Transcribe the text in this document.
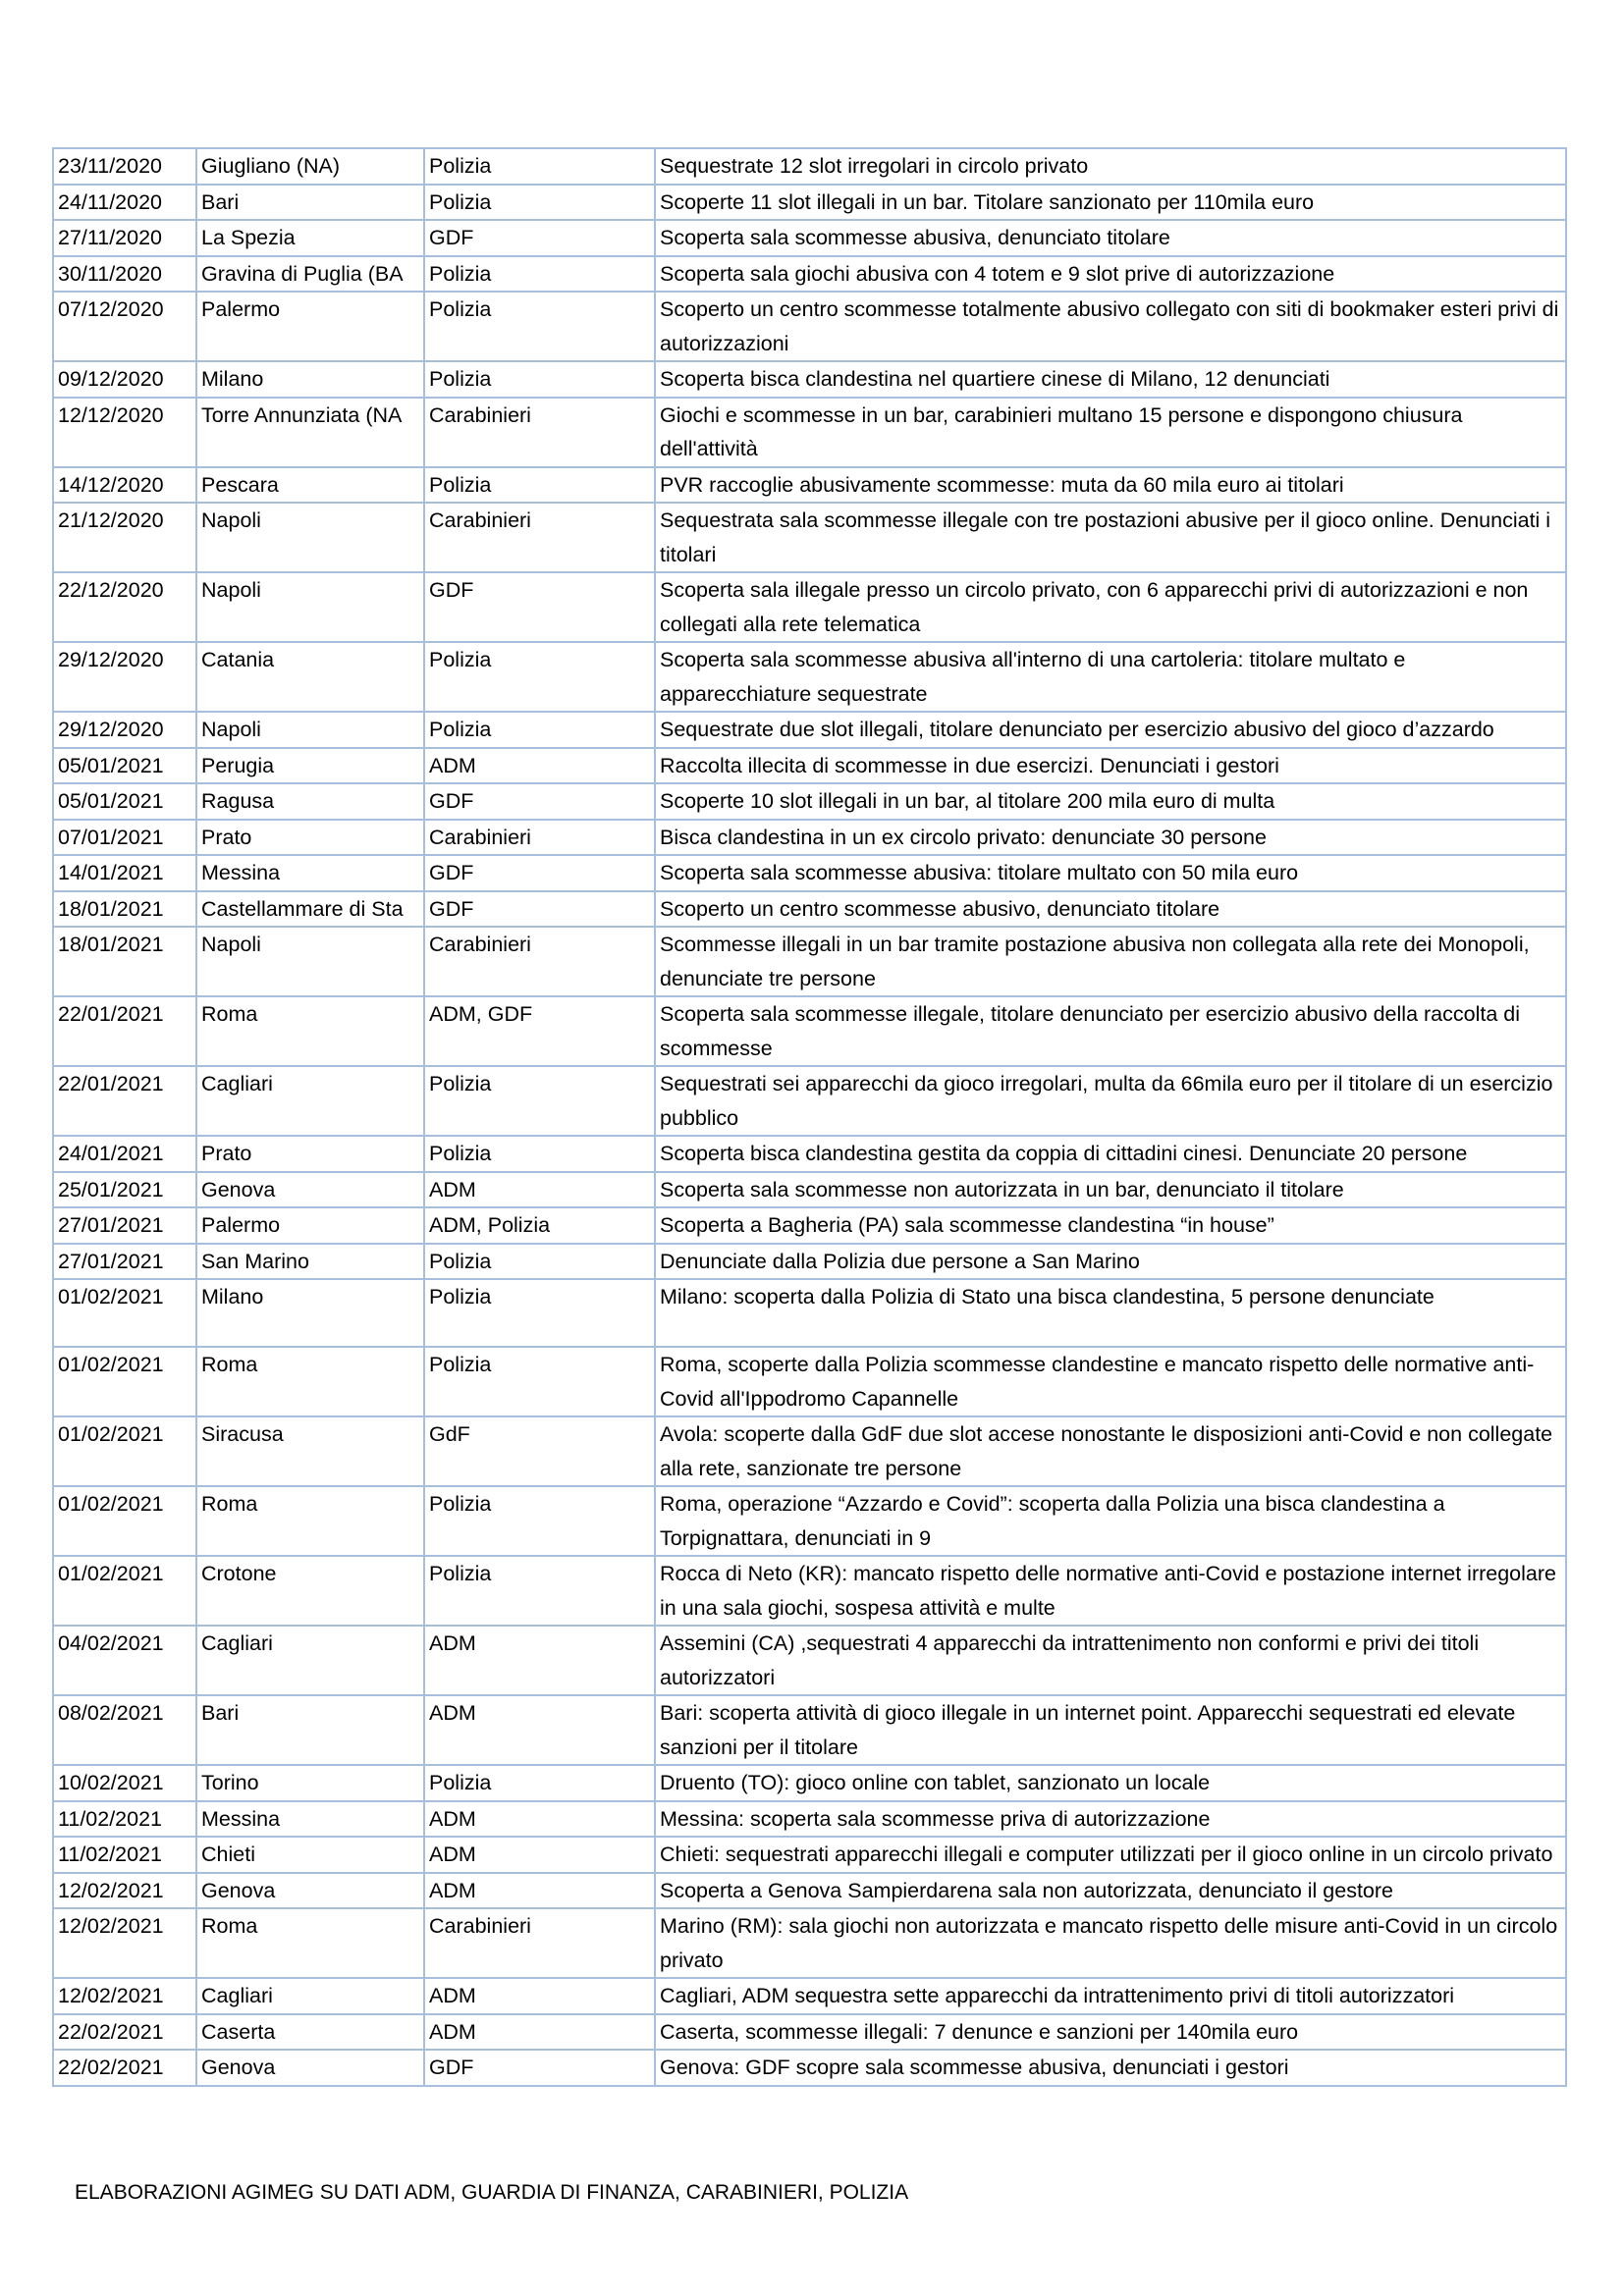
23/11/2020	Giugliano (NA)	Polizia	Sequestrate 12 slot irregolari in circolo privato
24/11/2020	Bari	Polizia	Scoperte 11 slot illegali in un bar. Titolare sanzionato per 110mila euro
27/11/2020	La Spezia	GDF	Scoperta sala scommesse abusiva, denunciato titolare
30/11/2020	Gravina di Puglia (BA	Polizia	Scoperta sala giochi abusiva con 4 totem e 9 slot prive di autorizzazione
07/12/2020	Palermo	Polizia	Scoperto un centro scommesse totalmente abusivo collegato con siti di bookmaker esteri privi di autorizzazioni
09/12/2020	Milano	Polizia	Scoperta bisca clandestina nel quartiere cinese di Milano, 12 denunciati
12/12/2020	Torre Annunziata (NA	Carabinieri	Giochi e scommesse in un bar, carabinieri multano 15 persone e dispongono chiusura dell'attività
14/12/2020	Pescara	Polizia	PVR raccoglie abusivamente scommesse: muta da 60 mila euro ai titolari
21/12/2020	Napoli	Carabinieri	Sequestrata sala scommesse illegale con tre postazioni abusive per il gioco online. Denunciati i titolari
22/12/2020	Napoli	GDF	Scoperta sala illegale presso un circolo privato, con 6 apparecchi privi di autorizzazioni e non collegati alla rete telematica
29/12/2020	Catania	Polizia	Scoperta sala scommesse abusiva all'interno di una cartoleria: titolare multato e apparecchiature sequestrate
29/12/2020	Napoli	Polizia	Sequestrate due slot illegali, titolare denunciato per esercizio abusivo del gioco d’azzardo
05/01/2021	Perugia	ADM	Raccolta illecita di scommesse in due esercizi. Denunciati i gestori
05/01/2021	Ragusa	GDF	Scoperte 10 slot illegali in un bar, al titolare 200 mila euro di multa
07/01/2021	Prato	Carabinieri	Bisca clandestina in un ex circolo privato: denunciate 30 persone
14/01/2021	Messina	GDF	Scoperta sala scommesse abusiva: titolare multato con 50 mila euro
18/01/2021	Castellammare di Sta	GDF	Scoperto un centro scommesse abusivo, denunciato titolare
18/01/2021	Napoli	Carabinieri	Scommesse illegali in un bar tramite postazione abusiva non collegata alla rete dei Monopoli, denunciate tre persone
22/01/2021	Roma	ADM, GDF	Scoperta sala scommesse illegale, titolare denunciato per esercizio abusivo della raccolta di scommesse
22/01/2021	Cagliari	Polizia	Sequestrati sei apparecchi da gioco irregolari, multa da 66mila euro per il titolare di un esercizio pubblico
24/01/2021	Prato	Polizia	Scoperta bisca clandestina gestita da coppia di cittadini cinesi. Denunciate 20 persone
25/01/2021	Genova	ADM	Scoperta sala scommesse non autorizzata in un bar, denunciato il titolare
27/01/2021	Palermo	ADM, Polizia	Scoperta a Bagheria (PA) sala scommesse clandestina “in house”
27/01/2021	San Marino	Polizia	Denunciate dalla Polizia due persone a San Marino
01/02/2021	Milano	Polizia	Milano: scoperta dalla Polizia di Stato una bisca clandestina, 5 persone denunciate
01/02/2021	Roma	Polizia	Roma, scoperte dalla Polizia scommesse clandestine e mancato rispetto delle normative anti-Covid all'Ippodromo Capannelle
01/02/2021	Siracusa	GdF	Avola: scoperte dalla GdF due slot accese nonostante le disposizioni anti-Covid e non collegate alla rete, sanzionate tre persone
01/02/2021	Roma	Polizia	Roma, operazione “Azzardo e Covid”: scoperta dalla Polizia una bisca clandestina a Torpignattara, denunciati in 9
01/02/2021	Crotone	Polizia	Rocca di Neto (KR): mancato rispetto delle normative anti-Covid e postazione internet irregolare in una sala giochi, sospesa attività e multe
04/02/2021	Cagliari	ADM	Assemini (CA) ,sequestrati 4 apparecchi da intrattenimento non conformi e privi dei titoli autorizzatori
08/02/2021	Bari	ADM	Bari: scoperta attività di gioco illegale in un internet point. Apparecchi sequestrati ed elevate sanzioni per il titolare
10/02/2021	Torino	Polizia	Druento (TO): gioco online con tablet, sanzionato un locale
11/02/2021	Messina	ADM	Messina: scoperta sala scommesse priva di autorizzazione
11/02/2021	Chieti	ADM	Chieti: sequestrati apparecchi illegali e computer utilizzati per il gioco online in un circolo privato
12/02/2021	Genova	ADM	Scoperta a Genova Sampierdarena sala non autorizzata, denunciato il gestore
12/02/2021	Roma	Carabinieri	Marino (RM): sala giochi non autorizzata e mancato rispetto delle misure anti-Covid in un circolo privato
12/02/2021	Cagliari	ADM	Cagliari, ADM sequestra sette apparecchi da intrattenimento privi di titoli autorizzatori
22/02/2021	Caserta	ADM	Caserta, scommesse illegali: 7 denunce e sanzioni per 140mila euro
22/02/2021	Genova	GDF	Genova: GDF scopre sala scommesse abusiva, denunciati i gestori
ELABORAZIONI AGIMEG SU DATI ADM, GUARDIA DI FINANZA, CARABINIERI, POLIZIA
